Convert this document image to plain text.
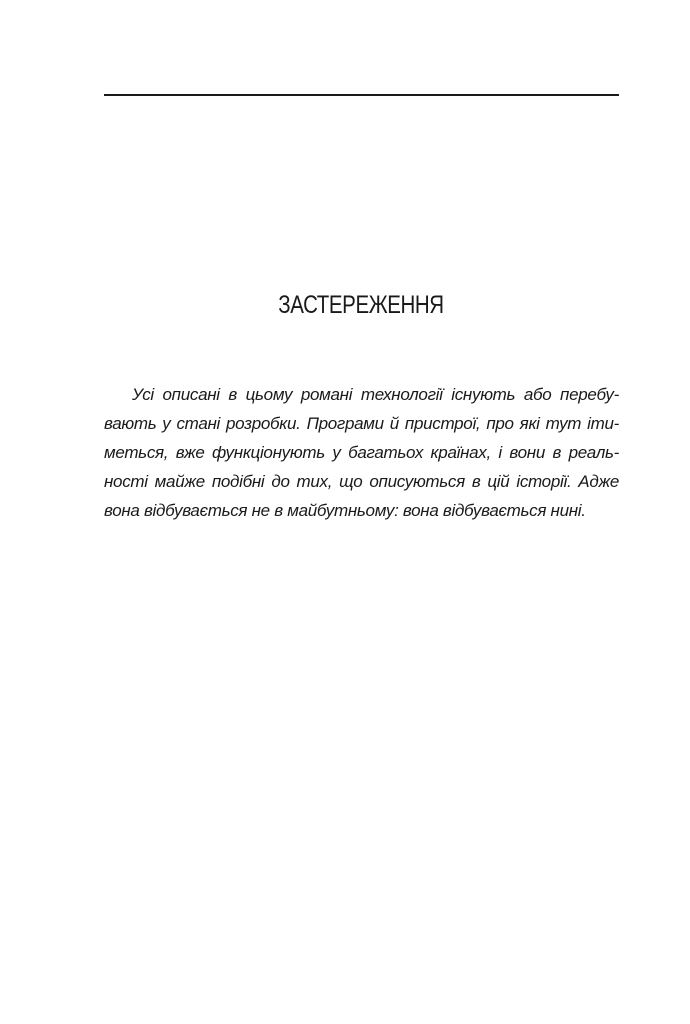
ЗАСТЕРЕЖЕННЯ

Усі описані в цьому романі технології існують або перебу-
вають у стані розробки. Програми й пристрої, про які тут іти-
меться, вже функціонують у багатьох країнах, і вони в реаль-
ності майже подібні до тих, що описуються в цій історії. Адже
вона відбувається не в майбутньому: вона відбувається нині.
